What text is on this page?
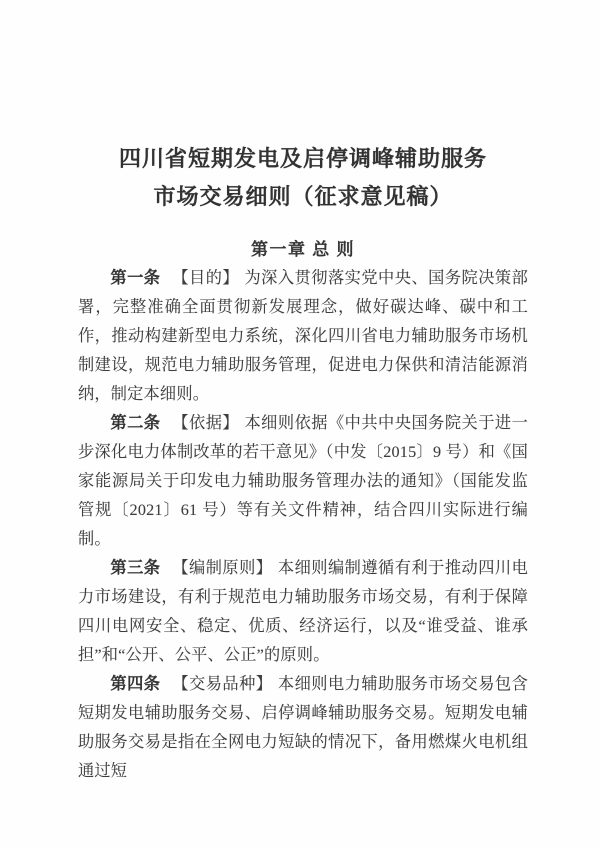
四川省短期发电及启停调峰辅助服务
市场交易细则（征求意见稿）
第一章 总 则

第一条 【目的】 为深入贯彻落实党中央、国务院决策部署，完整准确全面贯彻新发展理念，做好碳达峰、碳中和工作，推动构建新型电力系统，深化四川省电力辅助服务市场机制建设，规范电力辅助服务管理，促进电力保供和清洁能源消纳，制定本细则。

第二条 【依据】 本细则依据《中共中央国务院关于进一步深化电力体制改革的若干意见》（中发〔2015〕9 号）和《国家能源局关于印发电力辅助服务管理办法的通知》（国能发监管规〔2021〕61 号）等有关文件精神，结合四川实际进行编制。

第三条 【编制原则】 本细则编制遵循有利于推动四川电力市场建设，有利于规范电力辅助服务市场交易，有利于保障四川电网安全、稳定、优质、经济运行，以及“谁受益、谁承担”和“公开、公平、公正”的原则。

第四条 【交易品种】 本细则电力辅助服务市场交易包含短期发电辅助服务交易、启停调峰辅助服务交易。短期发电辅助服务交易是指在全网电力短缺的情况下，备用燃煤火电机组通过短
